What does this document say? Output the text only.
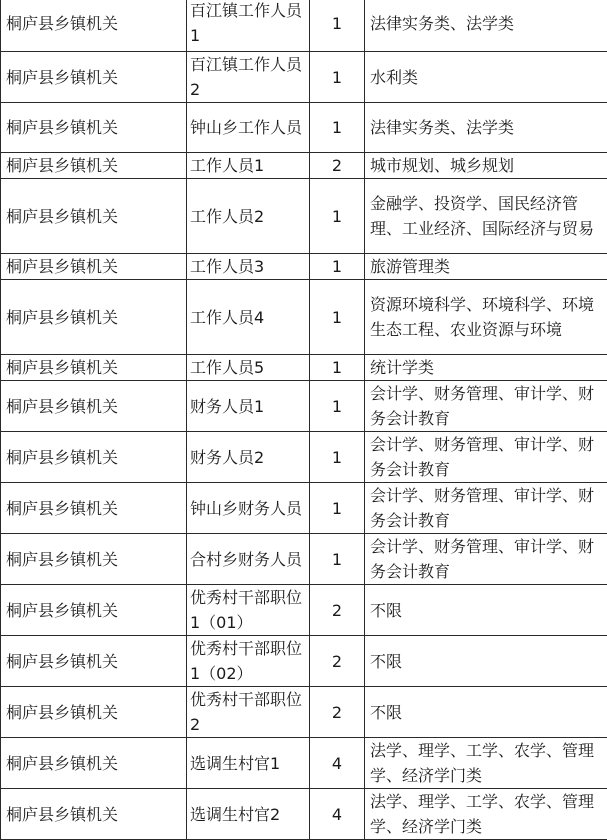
桐庐县乡镇机关	百江镇工作人员1	1	法律实务类、法学类
桐庐县乡镇机关	百江镇工作人员2	1	水利类
桐庐县乡镇机关	钟山乡工作人员	1	法律实务类、法学类
桐庐县乡镇机关	工作人员1	2	城市规划、城乡规划
桐庐县乡镇机关	工作人员2	1	金融学、投资学、国民经济管理、工业经济、国际经济与贸易
桐庐县乡镇机关	工作人员3	1	旅游管理类
桐庐县乡镇机关	工作人员4	1	资源环境科学、环境科学、环境生态工程、农业资源与环境
桐庐县乡镇机关	工作人员5	1	统计学类
桐庐县乡镇机关	财务人员1	1	会计学、财务管理、审计学、财务会计教育
桐庐县乡镇机关	财务人员2	1	会计学、财务管理、审计学、财务会计教育
桐庐县乡镇机关	钟山乡财务人员	1	会计学、财务管理、审计学、财务会计教育
桐庐县乡镇机关	合村乡财务人员	1	会计学、财务管理、审计学、财务会计教育
桐庐县乡镇机关	优秀村干部职位1（01）	2	不限
桐庐县乡镇机关	优秀村干部职位1（02）	2	不限
桐庐县乡镇机关	优秀村干部职位2	2	不限
桐庐县乡镇机关	选调生村官1	4	法学、理学、工学、农学、管理学、经济学门类
桐庐县乡镇机关	选调生村官2	4	法学、理学、工学、农学、管理学、经济学门类
